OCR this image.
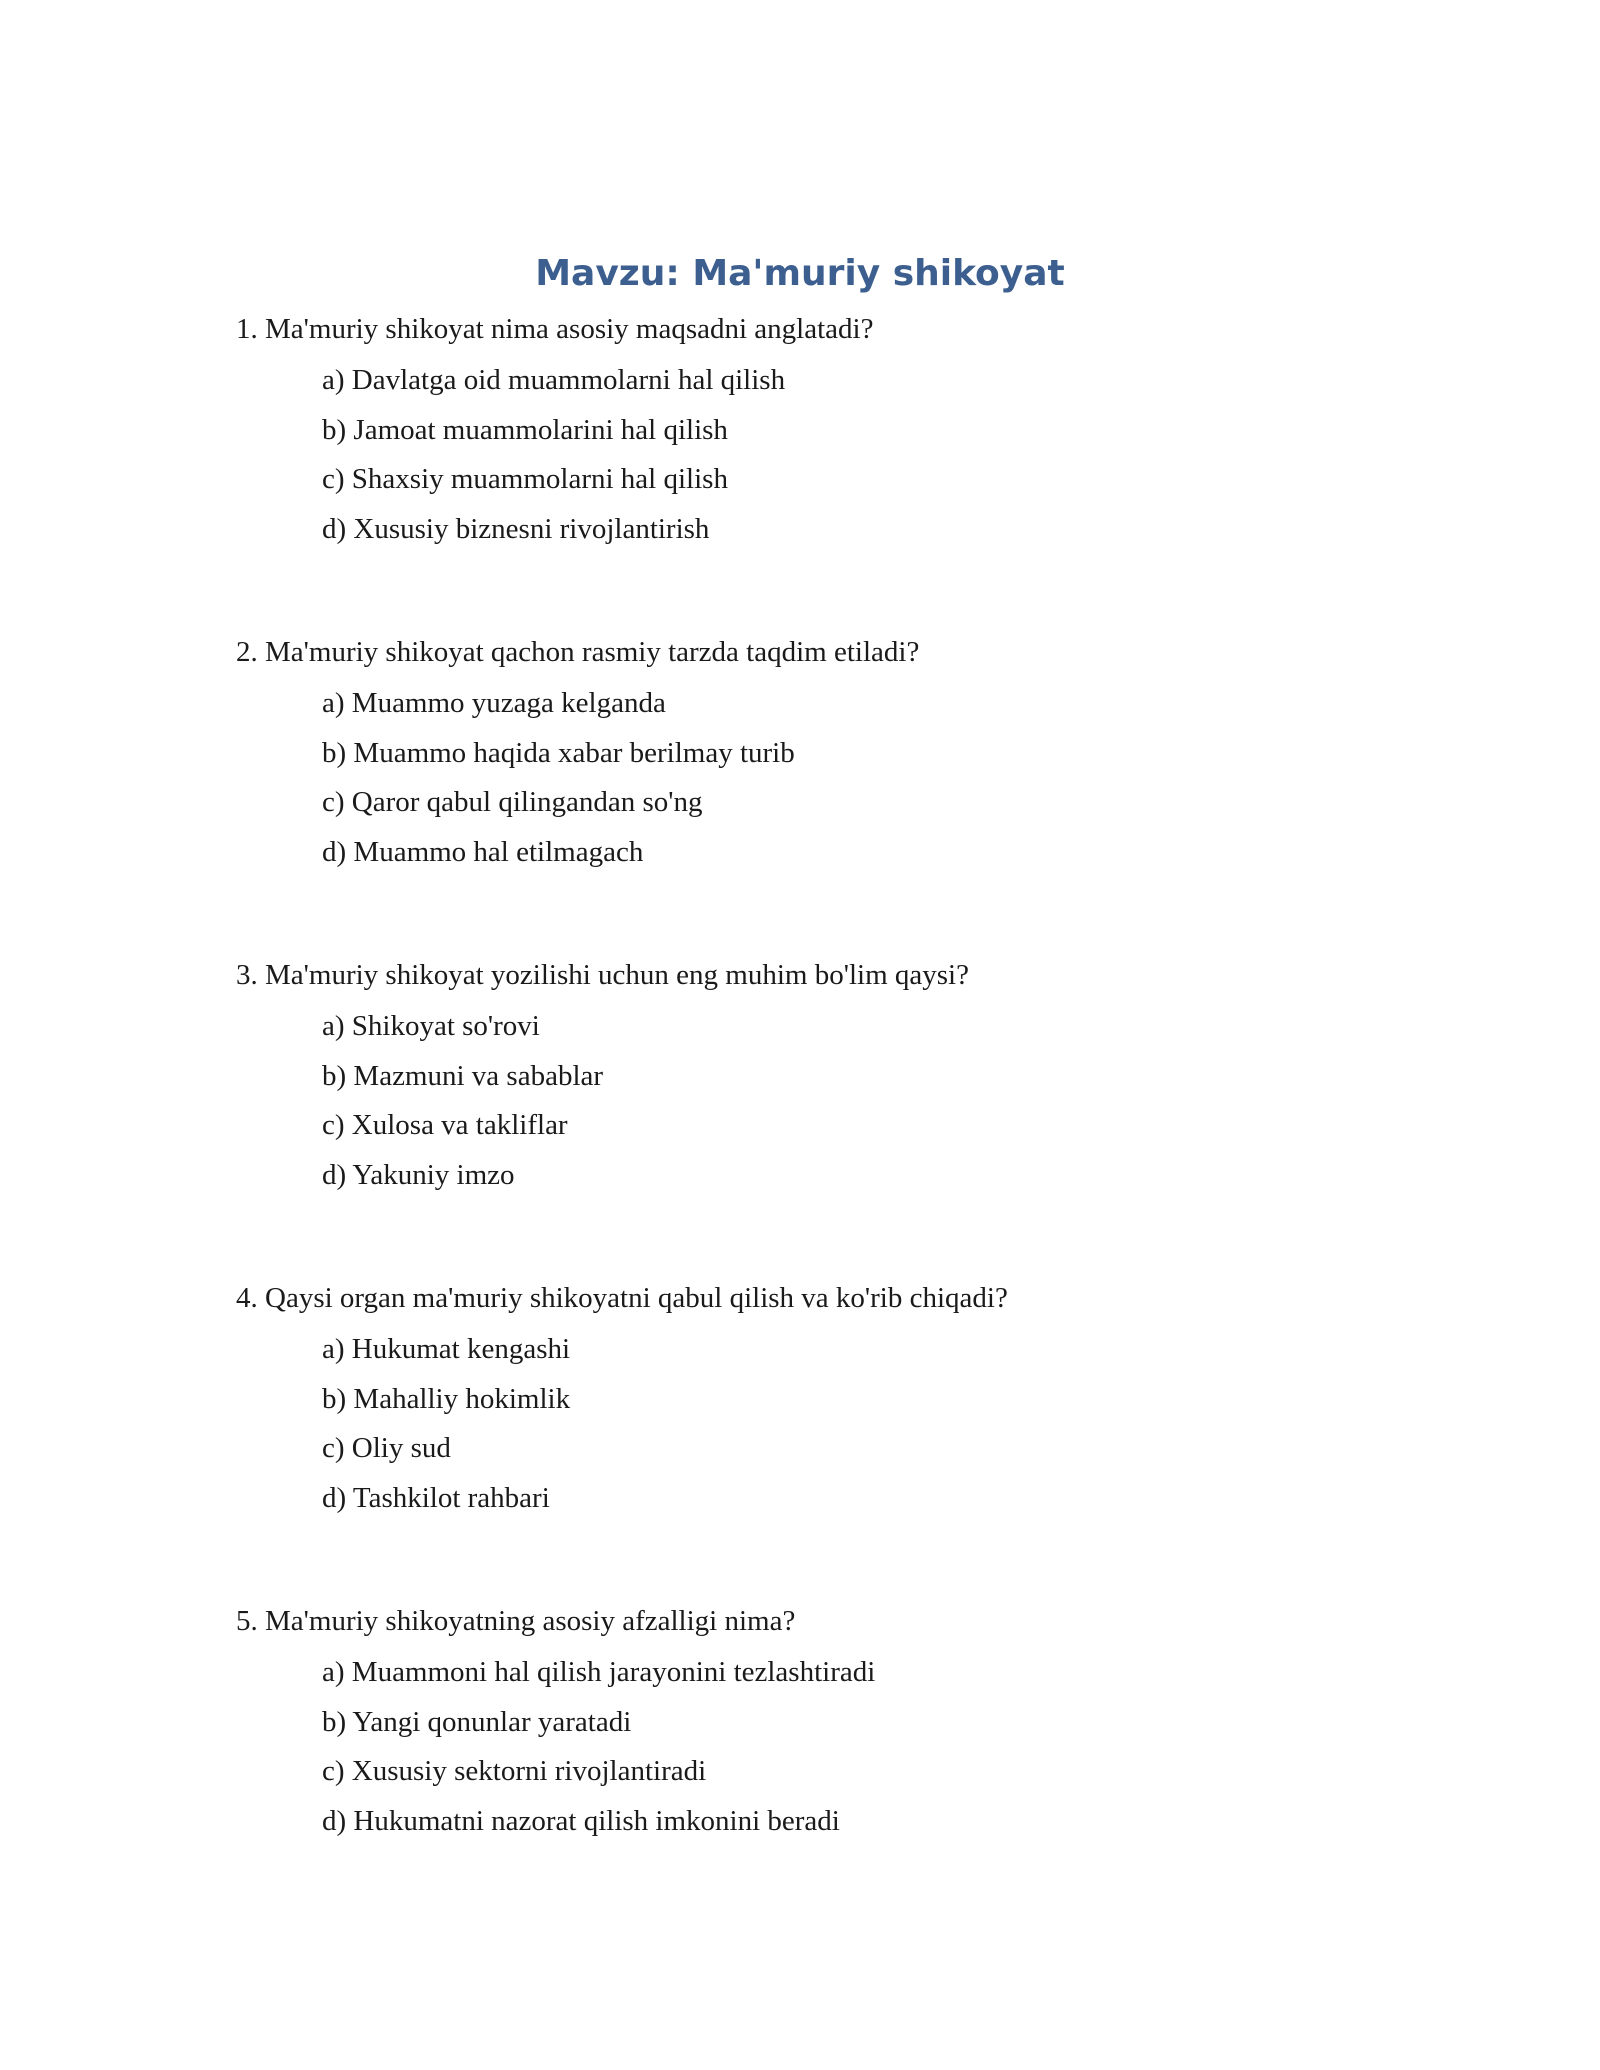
Mavzu: Ma'muriy shikoyat

1. Ma'muriy shikoyat nima asosiy maqsadni anglatadi?

a) Davlatga oid muammolarni hal qilish
b) Jamoat muammolarini hal qilish
c) Shaxsiy muammolarni hal qilish
d) Xususiy biznesni rivojlantirish

2. Ma'muriy shikoyat qachon rasmiy tarzda taqdim etiladi?

a) Muammo yuzaga kelganda
b) Muammo haqida xabar berilmay turib
c) Qaror qabul qilingandan so'ng
d) Muammo hal etilmagach

3. Ma'muriy shikoyat yozilishi uchun eng muhim bo'lim qaysi?

a) Shikoyat so'rovi
b) Mazmuni va sabablar
c) Xulosa va takliflar
d) Yakuniy imzo

4. Qaysi organ ma'muriy shikoyatni qabul qilish va ko'rib chiqadi?

a) Hukumat kengashi
b) Mahalliy hokimlik
c) Oliy sud
d) Tashkilot rahbari

5. Ma'muriy shikoyatning asosiy afzalligi nima?

a) Muammoni hal qilish jarayonini tezlashtiradi
b) Yangi qonunlar yaratadi
c) Xususiy sektorni rivojlantiradi
d) Hukumatni nazorat qilish imkonini beradi
